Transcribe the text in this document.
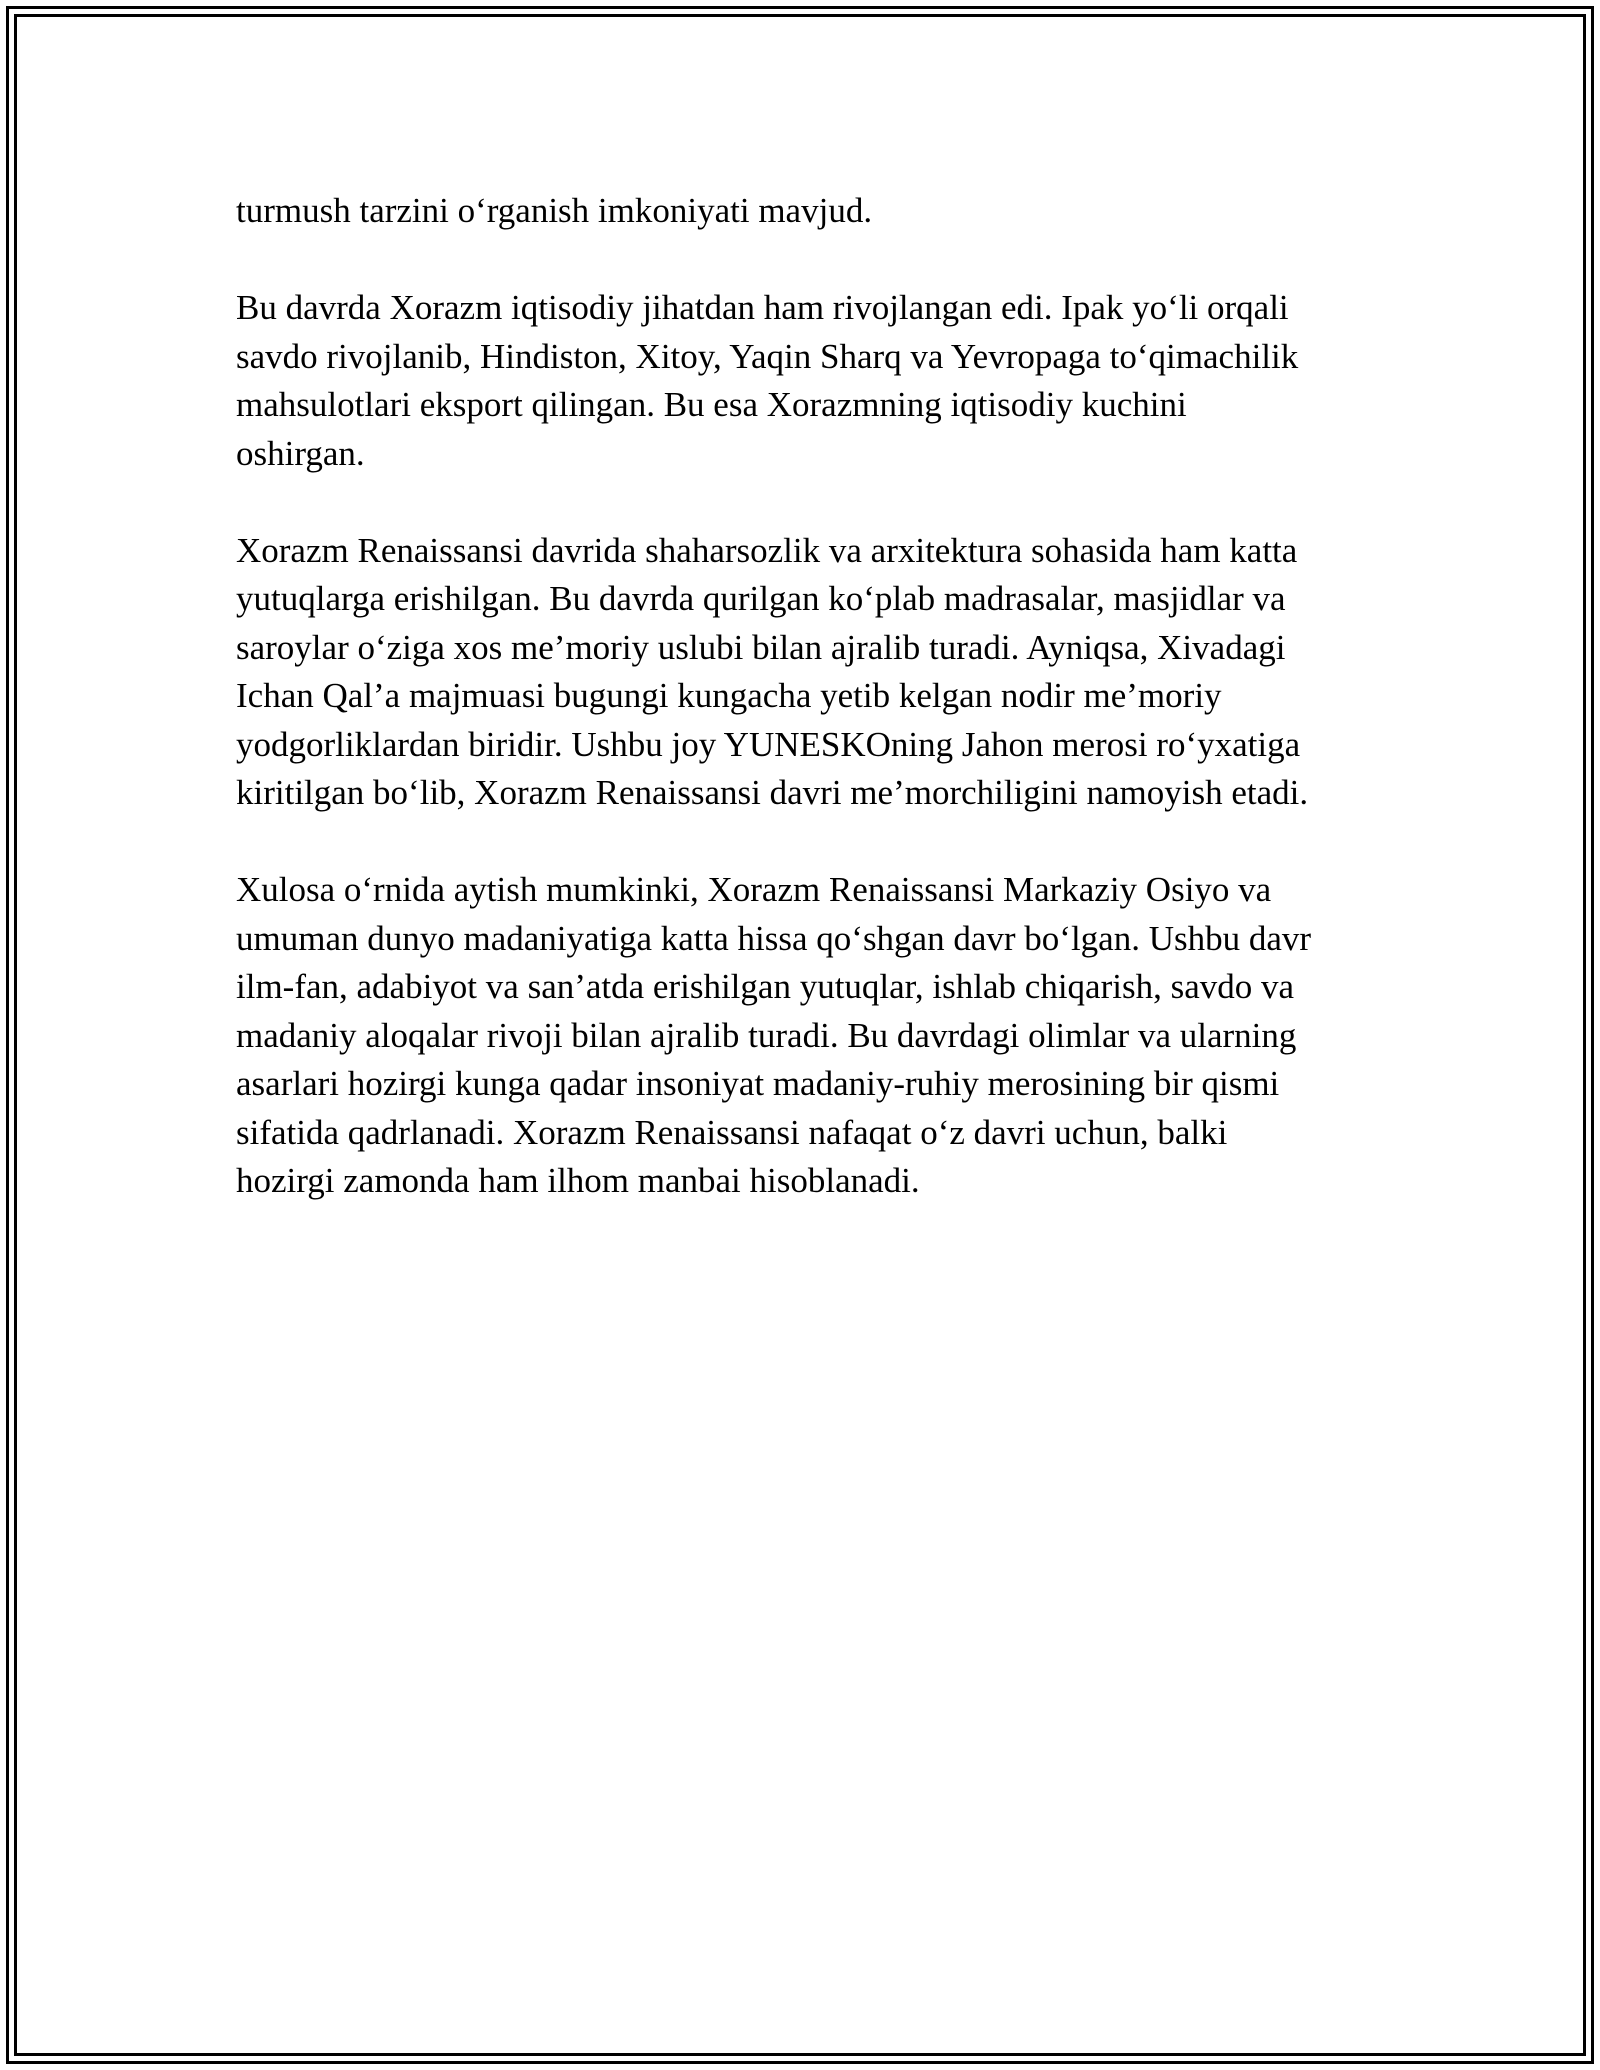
turmush tarzini o‘rganish imkoniyati mavjud.

Bu davrda Xorazm iqtisodiy jihatdan ham rivojlangan edi. Ipak yo‘li orqali
savdo rivojlanib, Hindiston, Xitoy, Yaqin Sharq va Yevropaga to‘qimachilik
mahsulotlari eksport qilingan. Bu esa Xorazmning iqtisodiy kuchini
oshirgan.

Xorazm Renaissansi davrida shaharsozlik va arxitektura sohasida ham katta
yutuqlarga erishilgan. Bu davrda qurilgan ko‘plab madrasalar, masjidlar va
saroylar o‘ziga xos me’moriy uslubi bilan ajralib turadi. Ayniqsa, Xivadagi
Ichan Qal’a majmuasi bugungi kungacha yetib kelgan nodir me’moriy
yodgorliklardan biridir. Ushbu joy YUNESKOning Jahon merosi ro‘yxatiga
kiritilgan bo‘lib, Xorazm Renaissansi davri me’morchiligini namoyish etadi.

Xulosa o‘rnida aytish mumkinki, Xorazm Renaissansi Markaziy Osiyo va
umuman dunyo madaniyatiga katta hissa qo‘shgan davr bo‘lgan. Ushbu davr
ilm-fan, adabiyot va san’atda erishilgan yutuqlar, ishlab chiqarish, savdo va
madaniy aloqalar rivoji bilan ajralib turadi. Bu davrdagi olimlar va ularning
asarlari hozirgi kunga qadar insoniyat madaniy-ruhiy merosining bir qismi
sifatida qadrlanadi. Xorazm Renaissansi nafaqat o‘z davri uchun, balki
hozirgi zamonda ham ilhom manbai hisoblanadi.
